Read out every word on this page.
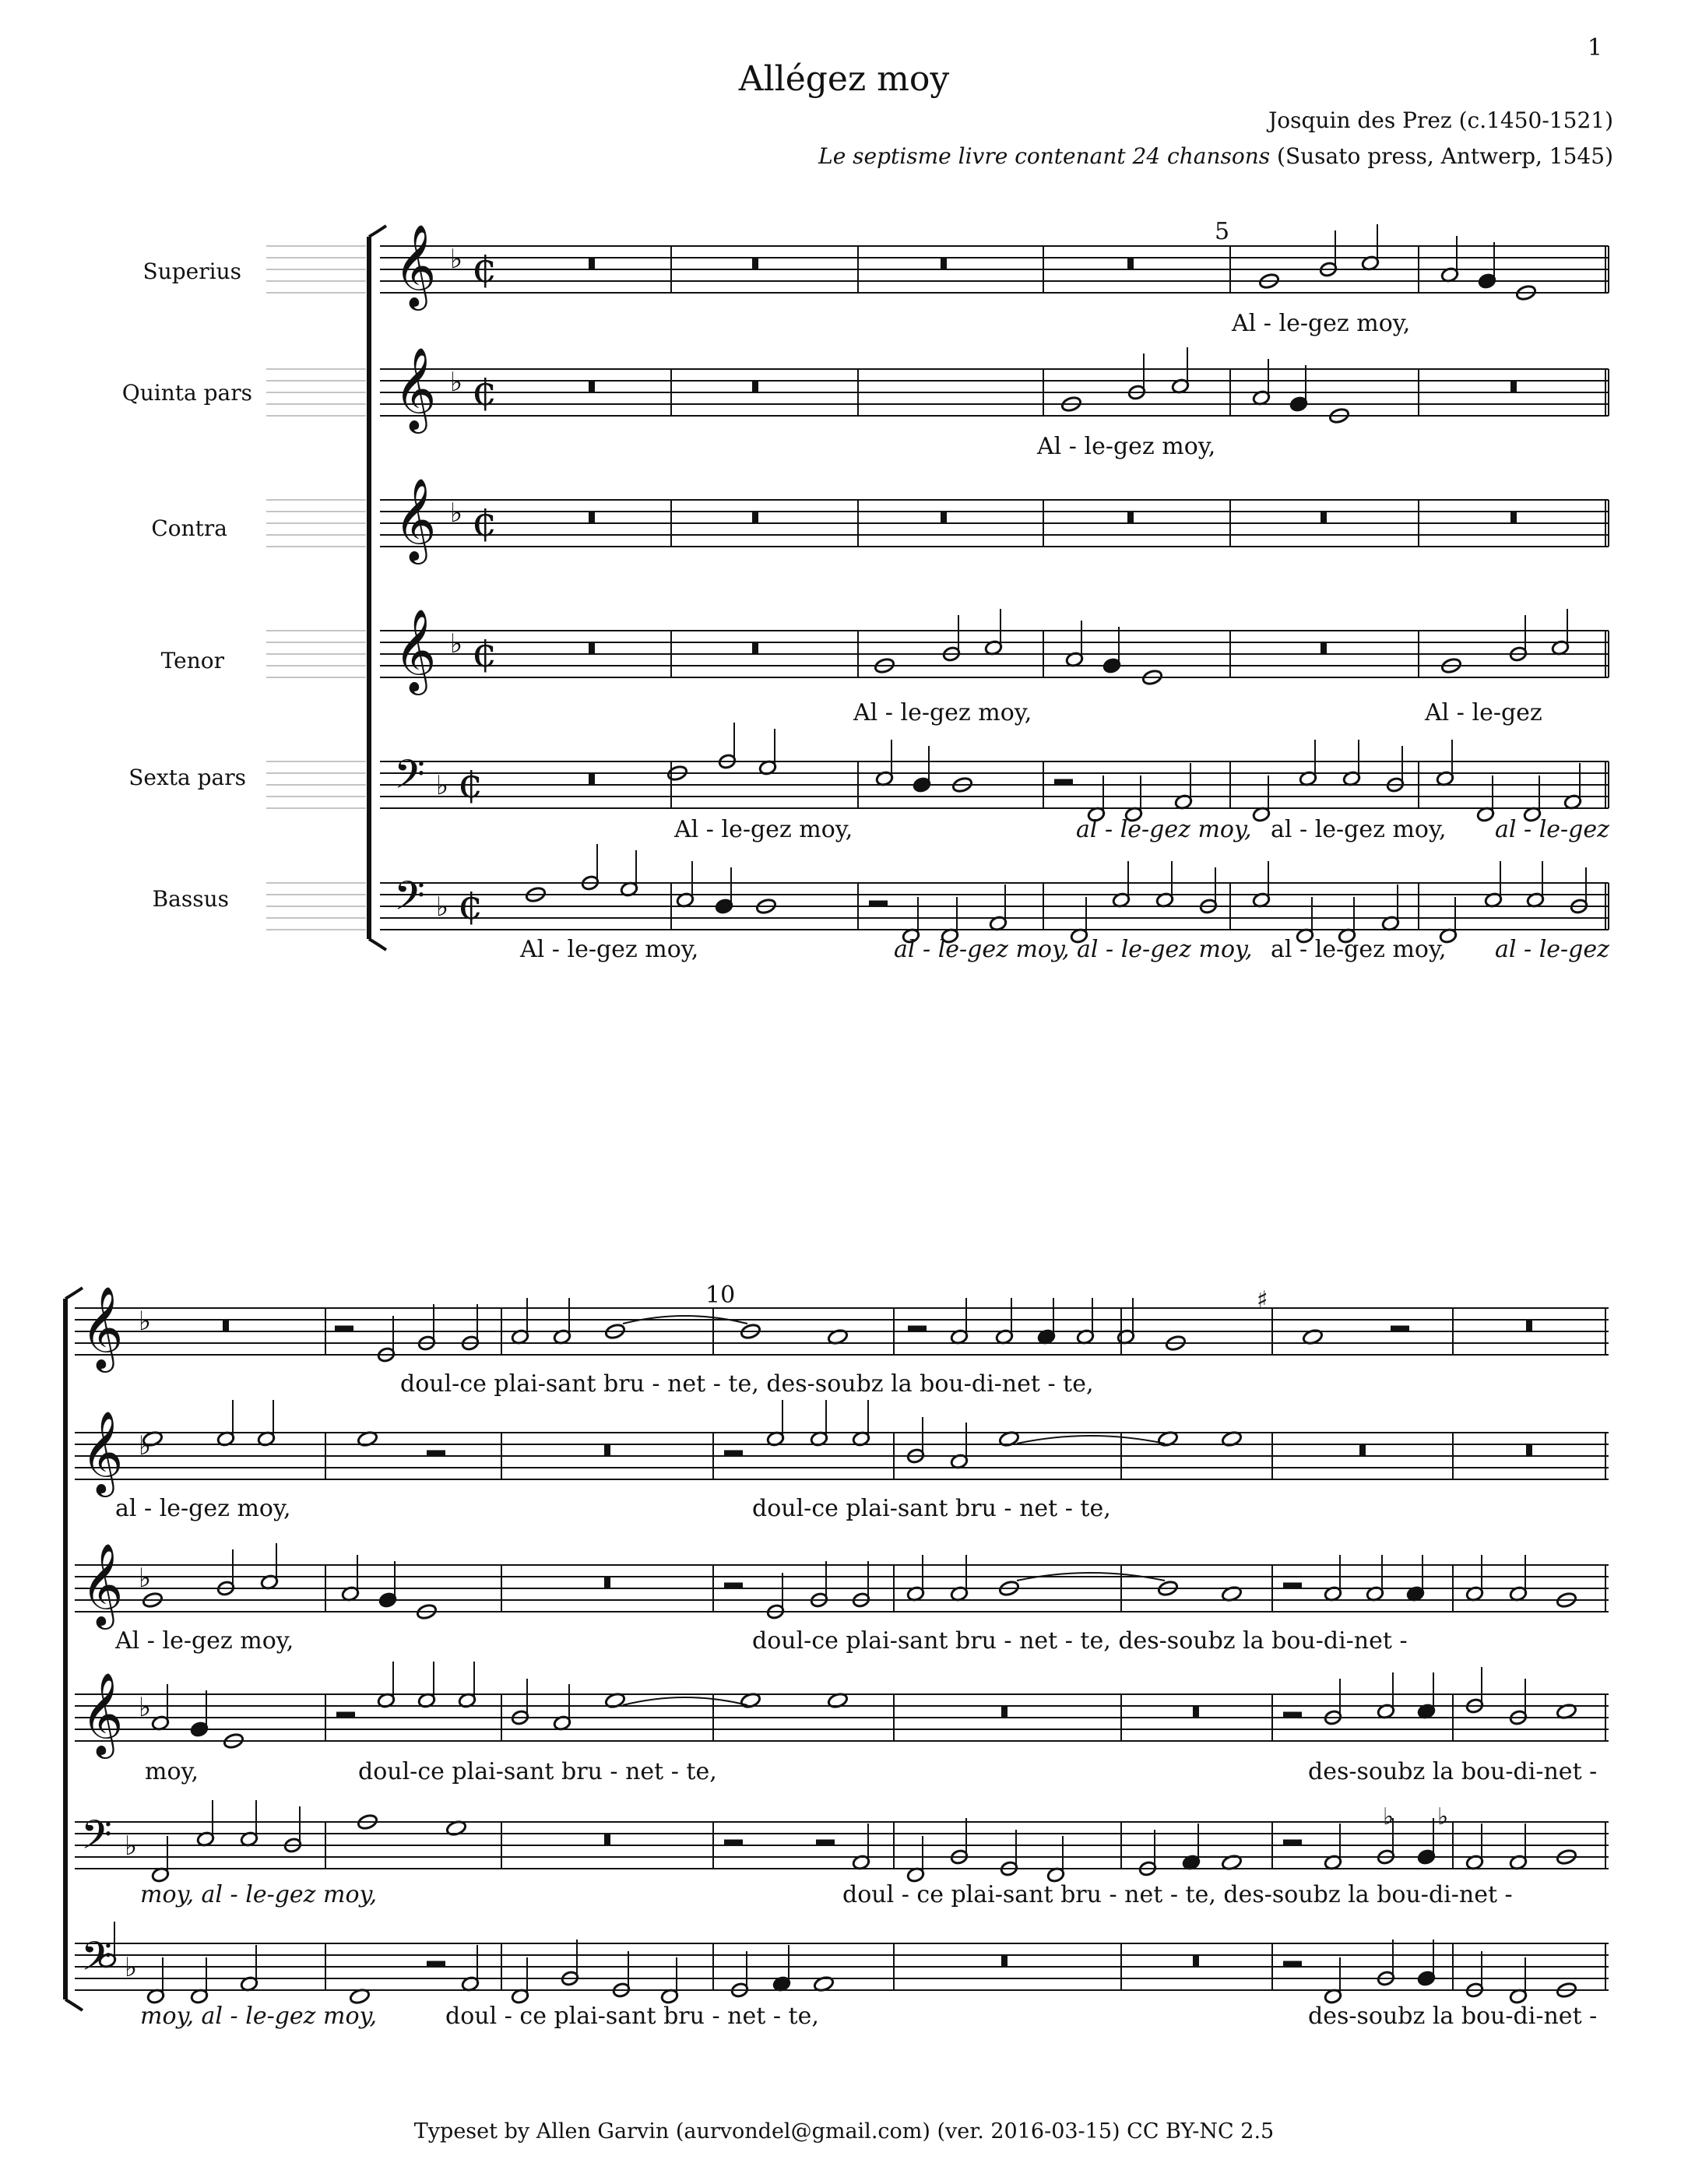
1
Allégez moy
Josquin des Prez (c.1450-1521)
Le septisme livre contenant 24 chansons (Susato press, Antwerp, 1545)
Superius
Quinta pars
Contra
Tenor
Sexta pars
Bassus
5
10	♯
♭ ♭
Al - le-gez moy,
Al - le-gez moy,
Al - le-gez moy,	Al - le-gez
Al - le-gez moy,	al - le-gez moy, al - le-gez moy, al - le-gez
Al - le-gez moy,	al - le-gez moy, al - le-gez moy, al - le-gez moy, al - le-gez
doul-ce plai-sant bru - net - te, des-soubz la bou-di-net - te,
al - le-gez moy,	doul-ce plai-sant bru - net - te,
Al - le-gez moy,	doul-ce plai-sant bru - net - te, des-soubz la bou-di-net -
moy,	doul-ce plai-sant bru - net - te,	des-soubz la bou-di-net -
moy, al - le-gez moy,	doul - ce plai-sant bru - net - te, des-soubz la bou-di-net -
moy, al - le-gez moy,	doul - ce plai-sant bru - net - te,	des-soubz la bou-di-net -
Typeset by Allen Garvin (aurvondel@gmail.com) (ver. 2016-03-15) CC BY-NC 2.5
𝄞 ♭ ¢
𝄞 ♭ ¢
𝄞 ♭ ¢
𝄞 ♭ ¢
𝄢 ♭ ¢
𝄢 ♭ ¢
𝄞 ♭
𝄞 ♭
𝄞 ♭
𝄞 ♭
𝄢 ♭
𝄢 ♭
